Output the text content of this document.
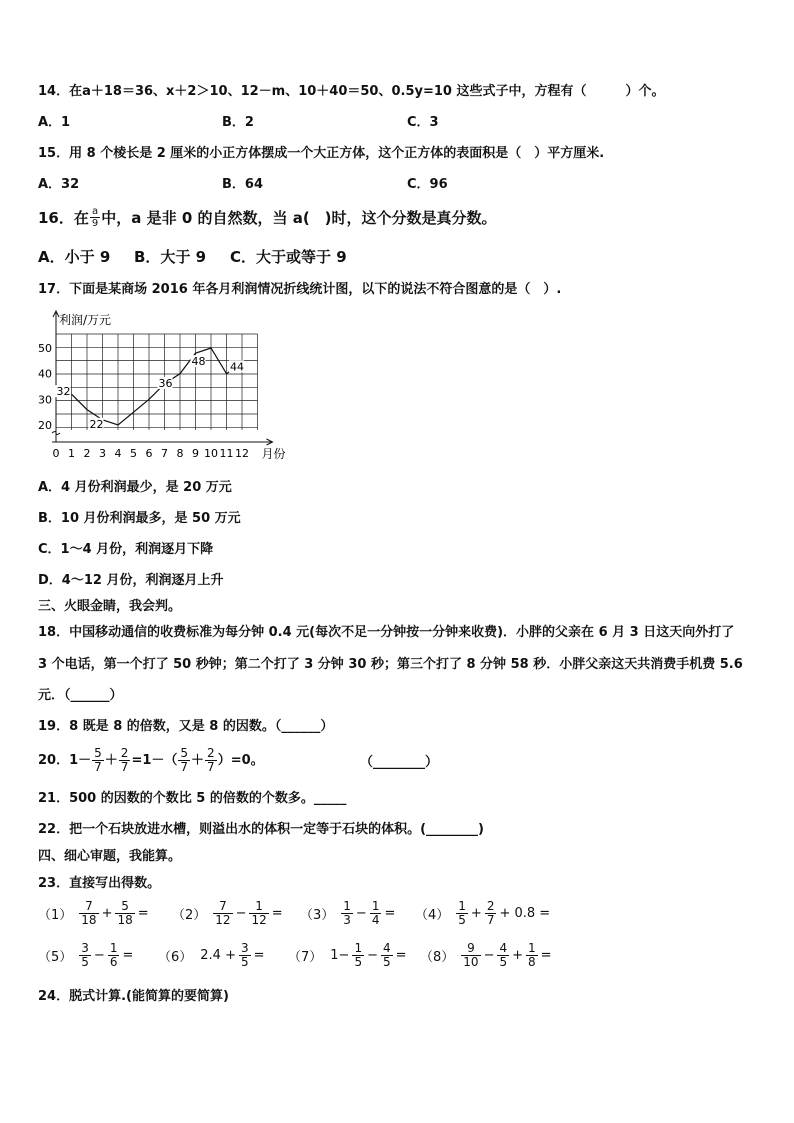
14．在a＋18＝36、x＋2＞10、12－m、10＋40＝50、0.5y=10 这些式子中，方程有（　　　）个。
A．1	B．2	C．3
15．用 8 个棱长是 2 厘米的小正方体摆成一个大正方体，这个正方体的表面积是（　）平方厘米.
A．32	B．64	C．96
16．在 $\frac{a}{9}$ 中，a 是非 0 的自然数，当 a(　)时，这个分数是真分数。
A．小于 9 B．大于 9 C．大于或等于 9
17．下面是某商场 2016 年各月利润情况折线统计图，以下的说法不符合图意的是（　）.
利润/万元
20
30
40
50
0 1 2 3 4 5 6 7 8 9 10 11 12 月份
32
22
36
48 44
A．4 月份利润最少，是 20 万元
B．10 月份利润最多，是 50 万元
C．1～4 月份，利润逐月下降
D．4～12 月份，利润逐月上升
三、火眼金睛，我会判。
18．中国移动通信的收费标准为每分钟 0.4 元(每次不足一分钟按一分钟来收费)．小胖的父亲在 6 月 3 日这天向外打了
3 个电话，第一个打了 50 秒钟；第二个打了 3 分钟 30 秒；第三个打了 8 分钟 58 秒．小胖父亲这天共消费手机费 5.6
元．（______）
19．8 既是 8 的倍数，又是 8 的因数。（______）
20．$1- \frac{5}{7} + \frac{2}{7} =1-( \frac{5}{7} + \frac{2}{7} )=0$。	（________）
21．500 的因数的个数比 5 的倍数的个数多。_____
22．把一个石块放进水槽，则溢出水的体积一定等于石块的体积。(________)
四、细心审题，我能算。
23．直接写出得数。
$(1) \frac{7}{18} + \frac{5}{18} = (2) \frac{7}{12} - \frac{1}{12} = (3) \frac{1}{3} - \frac{1}{4} = (4) \frac{1}{5} + \frac{2}{7} + 0.8$ =
$(5) \frac{3}{5} - \frac{1}{6} = (6) 2.4 + \frac{3}{5} = (7)$ $1- \frac{1}{5} - \frac{4}{5} = (8) \frac{9}{10} - \frac{4}{5} + \frac{1}{8}$ =
24．脱式计算.(能简算的要简算)
